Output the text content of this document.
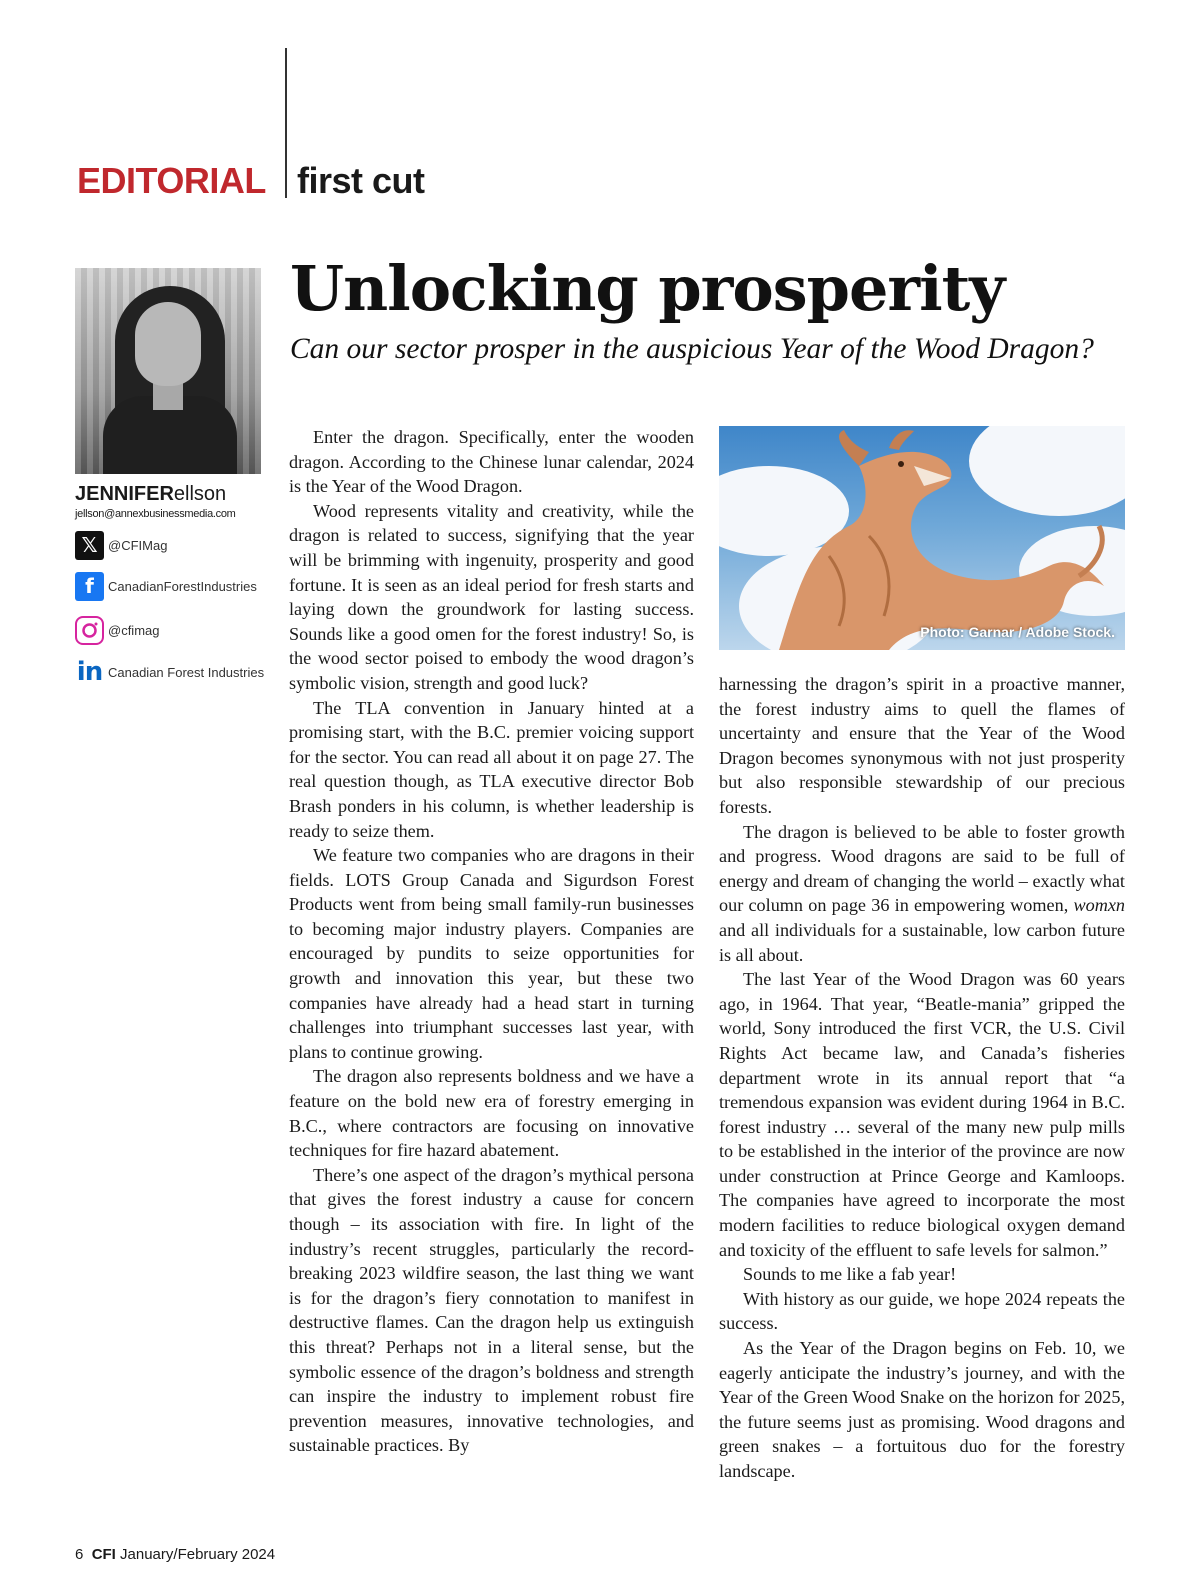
EDITORIAL first cut
Unlocking prosperity
Can our sector prosper in the auspicious Year of the Wood Dragon?
JENNIFERellson
jellson@annexbusinessmedia.com
𝕏 @CFIMag
f CanadianForestIndustries
@cfimag
in Canadian Forest Industries

Enter the dragon. Specifically, enter the wooden dragon. According to the Chinese lunar calendar, 2024 is the Year of the Wood Dragon.

Wood represents vitality and creativity, while the dragon is related to success, signifying that the year will be brimming with ingenuity, prosperity and good fortune. It is seen as an ideal period for fresh starts and laying down the groundwork for lasting success. Sounds like a good omen for the forest industry! So, is the wood sector poised to embody the wood dragon’s symbolic vision, strength and good luck?

The TLA convention in January hinted at a promising start, with the B.C. premier voicing support for the sector. You can read all about it on page 27. The real question though, as TLA executive director Bob Brash ponders in his column, is whether leadership is ready to seize them.

We feature two companies who are dragons in their fields. LOTS Group Canada and Sigurdson Forest Products went from being small family-run businesses to becoming major industry players. Companies are encouraged by pundits to seize opportunities for growth and innovation this year, but these two companies have already had a head start in turning challenges into triumphant successes last year, with plans to continue growing.

The dragon also represents boldness and we have a feature on the bold new era of forestry emerging in B.C., where contractors are focusing on innovative techniques for fire hazard abatement.

There’s one aspect of the dragon’s mythical persona that gives the forest industry a cause for concern though – its association with fire. In light of the industry’s recent struggles, particularly the record-breaking 2023 wildfire season, the last thing we want is for the dragon’s fiery connotation to manifest in destructive flames. Can the dragon help us extinguish this threat? Perhaps not in a literal sense, but the symbolic essence of the dragon’s boldness and strength can inspire the industry to implement robust fire prevention measures, innovative technologies, and sustainable practices. By

Photo: Garnar / Adobe Stock.

harnessing the dragon’s spirit in a proactive manner, the forest industry aims to quell the flames of uncertainty and ensure that the Year of the Wood Dragon becomes synonymous with not just prosperity but also responsible stewardship of our precious forests.

The dragon is believed to be able to foster growth and progress. Wood dragons are said to be full of energy and dream of changing the world – exactly what our column on page 36 in empowering women, womxn and all individuals for a sustainable, low carbon future is all about.

The last Year of the Wood Dragon was 60 years ago, in 1964. That year, “Beatle-mania” gripped the world, Sony introduced the first VCR, the U.S. Civil Rights Act became law, and Canada’s fisheries department wrote in its annual report that “a tremendous expansion was evident during 1964 in B.C. forest industry … several of the many new pulp mills to be established in the interior of the province are now under construction at Prince George and Kamloops. The companies have agreed to incorporate the most modern facilities to reduce biological oxygen demand and toxicity of the effluent to safe levels for salmon.”

Sounds to me like a fab year!

With history as our guide, we hope 2024 repeats the success.

As the Year of the Dragon begins on Feb. 10, we eagerly anticipate the industry’s journey, and with the Year of the Green Wood Snake on the horizon for 2025, the future seems just as promising. Wood dragons and green snakes – a fortuitous duo for the forestry landscape.

6 CFI January/February 2024
